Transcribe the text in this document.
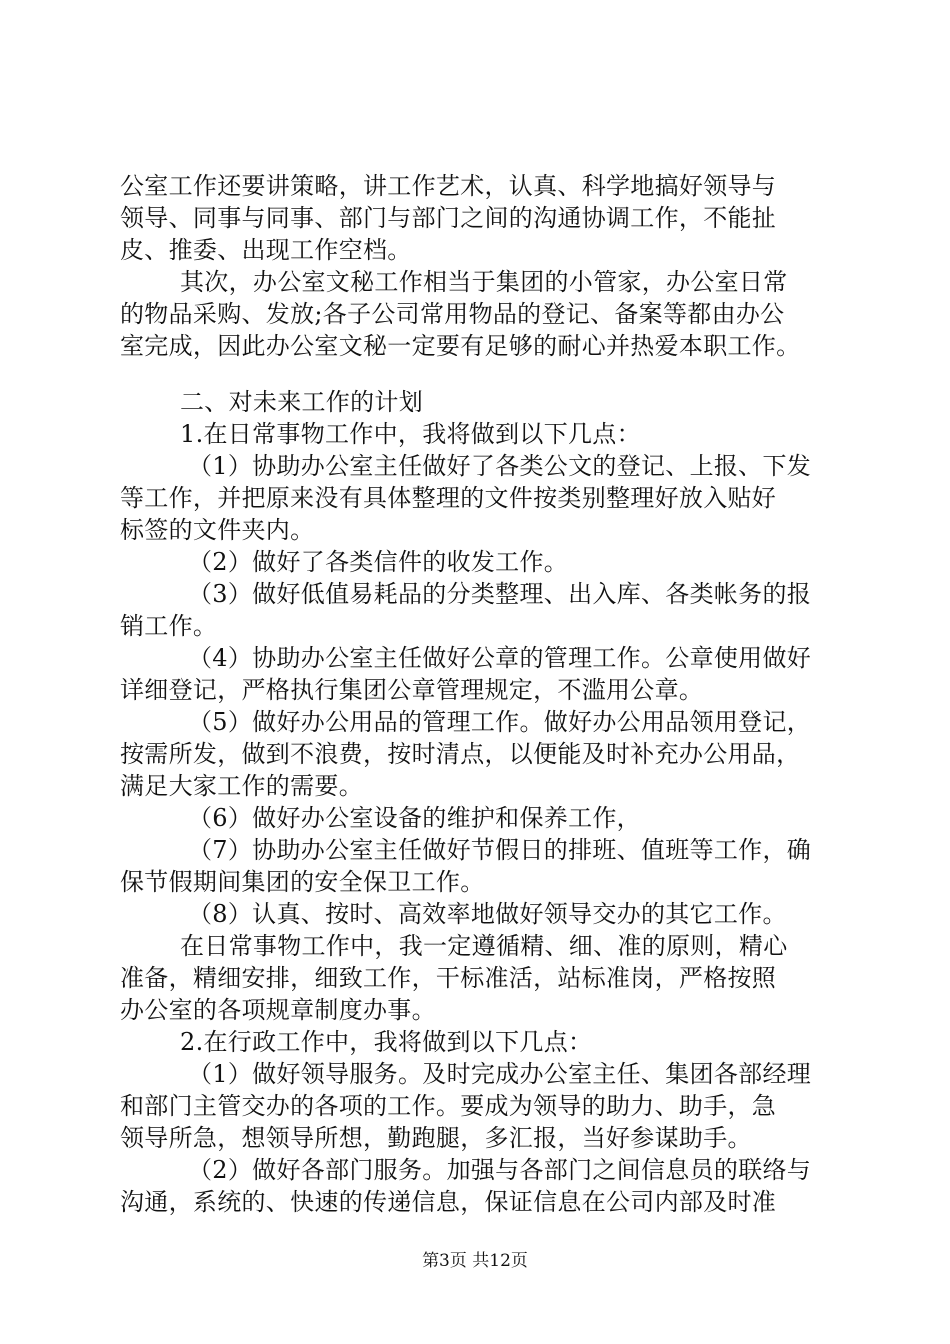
公室工作还要讲策略，讲工作艺术，认真、科学地搞好领导与
领导、同事与同事、部门与部门之间的沟通协调工作，不能扯
皮、推委、出现工作空档。
其次，办公室文秘工作相当于集团的小管家，办公室日常
的物品采购、发放;各子公司常用物品的登记、备案等都由办公
室完成，因此办公室文秘一定要有足够的耐心并热爱本职工作。
二、对未来工作的计划
1.在日常事物工作中，我将做到以下几点：
（1）协助办公室主任做好了各类公文的登记、上报、下发
等工作，并把原来没有具体整理的文件按类别整理好放入贴好
标签的文件夹内。
（2）做好了各类信件的收发工作。
（3）做好低值易耗品的分类整理、出入库、各类帐务的报
销工作。
（4）协助办公室主任做好公章的管理工作。公章使用做好
详细登记，严格执行集团公章管理规定，不滥用公章。
（5）做好办公用品的管理工作。做好办公用品领用登记，
按需所发，做到不浪费，按时清点，以便能及时补充办公用品，
满足大家工作的需要。
（6）做好办公室设备的维护和保养工作，
（7）协助办公室主任做好节假日的排班、值班等工作，确
保节假期间集团的安全保卫工作。
（8）认真、按时、高效率地做好领导交办的其它工作。
在日常事物工作中，我一定遵循精、细、准的原则，精心
准备，精细安排，细致工作，干标准活，站标准岗，严格按照
办公室的各项规章制度办事。
2.在行政工作中，我将做到以下几点：
（1）做好领导服务。及时完成办公室主任、集团各部经理
和部门主管交办的各项的工作。要成为领导的助力、助手，急
领导所急，想领导所想，勤跑腿，多汇报，当好参谋助手。
（2）做好各部门服务。加强与各部门之间信息员的联络与
沟通，系统的、快速的传递信息，保证信息在公司内部及时准
第3页 共12页
